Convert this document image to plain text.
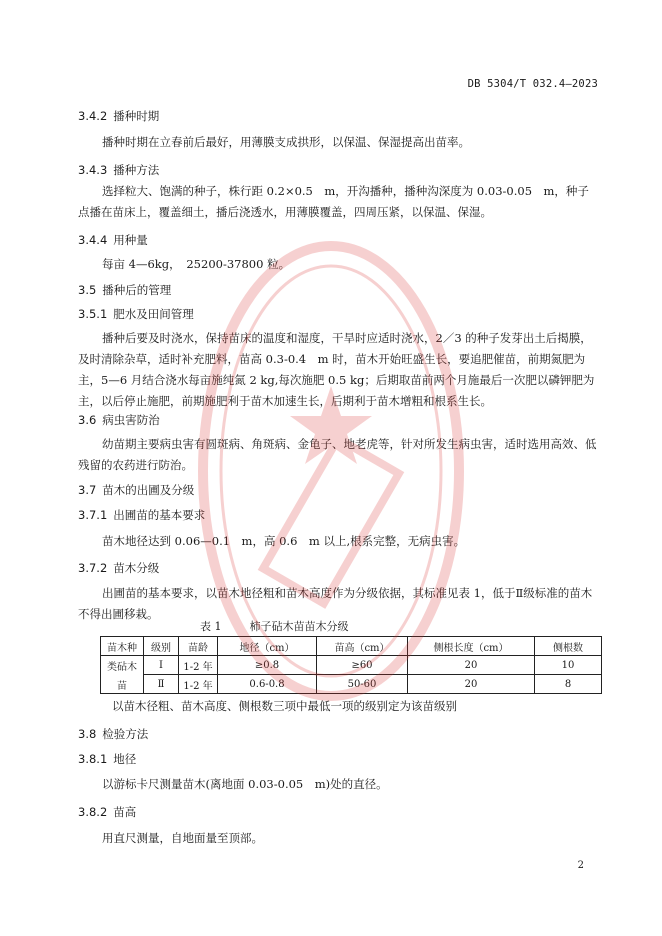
DB 5304/T 032.4—2023
3.4.2 播种时期
播种时期在立春前后最好，用薄膜支成拱形，以保温、保湿提高出苗率。
3.4.3 播种方法
选择粒大、饱满的种子，株行距 0.2×0.5　m，开沟播种，播种沟深度为 0.03-0.05　m，种子点播在苗床上，覆盖细土，播后浇透水，用薄膜覆盖，四周压紧，以保温、保湿。
3.4.4 用种量
每亩 4—6kg，　25200-37800 粒。
3.5 播种后的管理
3.5.1 肥水及田间管理
播种后要及时浇水，保持苗床的温度和湿度，干旱时应适时浇水，2／3 的种子发芽出土后揭膜，及时清除杂草，适时补充肥料，苗高 0.3-0.4　m 时，苗木开始旺盛生长，要追肥催苗，前期氮肥为主，5—6 月结合浇水每亩施纯氮 2 kg,每次施肥 0.5 kg；后期取苗前两个月施最后一次肥以磷钾肥为主，以后停止施肥，前期施肥利于苗木加速生长，后期利于苗木增粗和根系生长。
3.6 病虫害防治
幼苗期主要病虫害有圆斑病、角斑病、金龟子、地老虎等，针对所发生病虫害，适时选用高效、低残留的农药进行防治。
3.7 苗木的出圃及分级
3.7.1 出圃苗的基本要求
苗木地径达到 0.06—0.1　m，高 0.6　m 以上,根系完整，无病虫害。
3.7.2 苗木分级
出圃苗的基本要求，以苗木地径粗和苗木高度作为分级依据，其标准见表 1，低于Ⅱ级标准的苗木不得出圃移栽。
表 1	柿子砧木苗苗木分级
苗木种	级别	苗龄	地径（cm）	苗高（cm）	侧根长度（cm）	侧根数

类砧木
苗	Ⅰ	1-2 年	≥0.8	≥60	20	10
	Ⅱ	1-2 年	0.6-0.8	50-60	20	8
以苗木径粗、苗木高度、侧根数三项中最低一项的级别定为该苗级别
3.8 检验方法
3.8.1 地径
以游标卡尺测量苗木(离地面 0.03-0.05　m)处的直径。
3.8.2 苗高
用直尺测量，自地面量至顶部。
2
